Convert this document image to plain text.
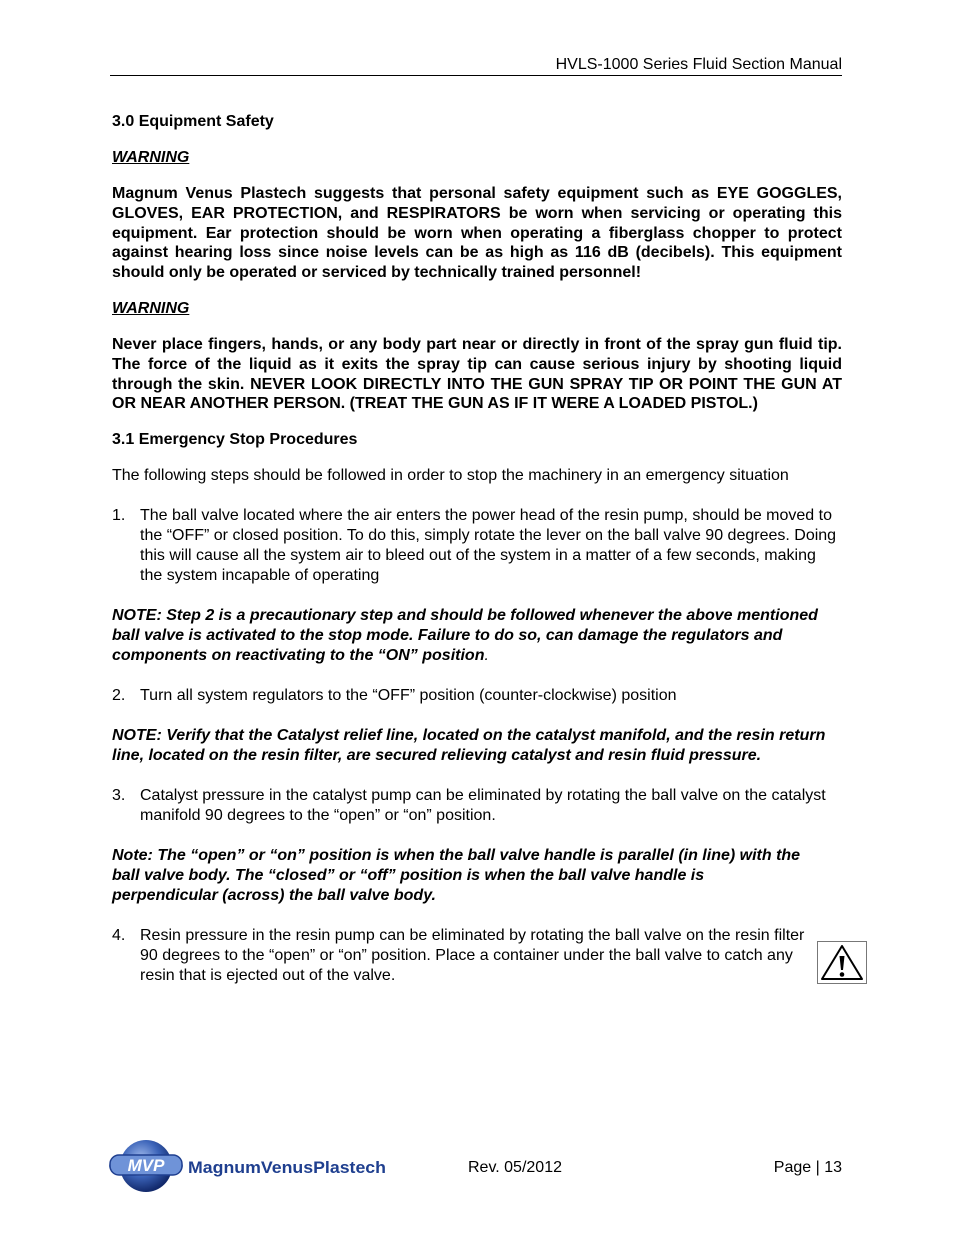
HVLS-1000 Series Fluid Section Manual
3.0 Equipment Safety
WARNING
Magnum Venus Plastech suggests that personal safety equipment such as EYE GOGGLES, GLOVES, EAR PROTECTION, and RESPIRATORS be worn when servicing or operating this equipment. Ear protection should be worn when operating a fiberglass chopper to protect against hearing loss since noise levels can be as high as 116 dB (decibels). This equipment should only be operated or serviced by technically trained personnel!
WARNING
Never place fingers, hands, or any body part near or directly in front of the spray gun fluid tip. The force of the liquid as it exits the spray tip can cause serious injury by shooting liquid through the skin. NEVER LOOK DIRECTLY INTO THE GUN SPRAY TIP OR POINT THE GUN AT OR NEAR ANOTHER PERSON. (TREAT THE GUN AS IF IT WERE A LOADED PISTOL.)
3.1 Emergency Stop Procedures
The following steps should be followed in order to stop the machinery in an emergency situation
1. The ball valve located where the air enters the power head of the resin pump, should be moved to the “OFF” or closed position. To do this, simply rotate the lever on the ball valve 90 degrees. Doing this will cause all the system air to bleed out of the system in a matter of a few seconds, making the system incapable of operating
NOTE: Step 2 is a precautionary step and should be followed whenever the above mentioned ball valve is activated to the stop mode. Failure to do so, can damage the regulators and components on reactivating to the “ON” position.
2. Turn all system regulators to the “OFF” position (counter-clockwise) position
NOTE: Verify that the Catalyst relief line, located on the catalyst manifold, and the resin return line, located on the resin filter, are secured relieving catalyst and resin fluid pressure.
3. Catalyst pressure in the catalyst pump can be eliminated by rotating the ball valve on the catalyst manifold 90 degrees to the “open” or “on” position.
Note: The “open” or “on” position is when the ball valve handle is parallel (in line) with the ball valve body. The “closed” or “off” position is when the ball valve handle is perpendicular (across) the ball valve body.
4. Resin pressure in the resin pump can be eliminated by rotating the ball valve on the resin filter 90 degrees to the “open” or “on” position. Place a container under the ball valve to catch any resin that is ejected out of the valve.
MVP MagnumVenusPlastech	Rev. 05/2012	Page | 13
